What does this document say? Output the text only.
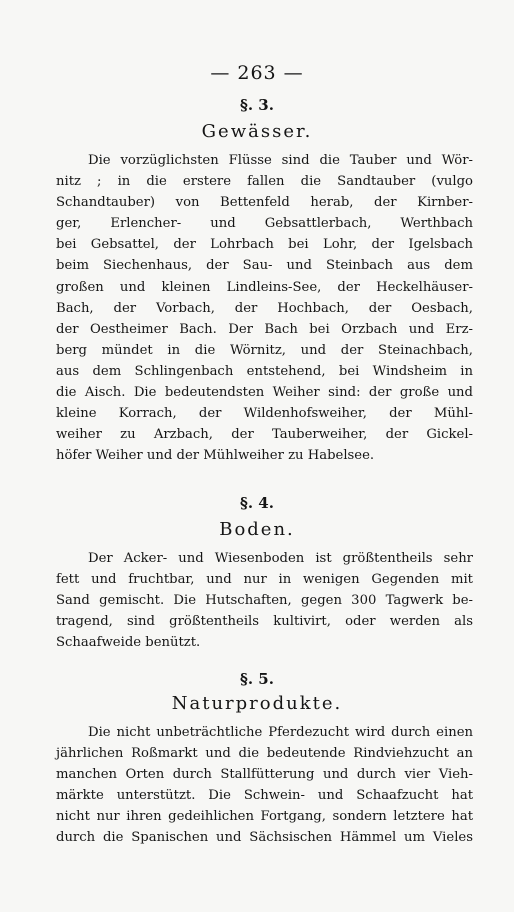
— 263 —
§. 3.
Gewässer.
Die vorzüglichsten Flüsse sind die Tauber und Wör-
nitz ; in die erstere fallen die Sandtauber (vulgo
Schandtauber) von Bettenfeld herab, der Kirnber-
ger, Erlencher- und Gebsattlerbach, Werthbach
bei Gebsattel, der Lohrbach bei Lohr, der Igelsbach
beim Siechenhaus, der Sau- und Steinbach aus dem
großen und kleinen Lindleins-See, der Heckelhäuser-
Bach, der Vorbach, der Hochbach, der Oesbach,
der Oestheimer Bach. Der Bach bei Orzbach und Erz-
berg mündet in die Wörnitz, und der Steinachbach,
aus dem Schlingenbach entstehend, bei Windsheim in
die Aisch. Die bedeutendsten Weiher sind: der große und
kleine Korrach, der Wildenhofsweiher, der Mühl-
weiher zu Arzbach, der Tauberweiher, der Gickel-
höfer Weiher und der Mühlweiher zu Habelsee.
§. 4.
Boden.
Der Acker- und Wiesenboden ist größtentheils sehr
fett und fruchtbar, und nur in wenigen Gegenden mit
Sand gemischt. Die Hutschaften, gegen 300 Tagwerk be-
tragend, sind größtentheils kultivirt, oder werden als
Schaafweide benützt.
§. 5.
Naturprodukte.
Die nicht unbeträchtliche Pferdezucht wird durch einen
jährlichen Roßmarkt und die bedeutende Rindviehzucht an
manchen Orten durch Stallfütterung und durch vier Vieh-
märkte unterstützt. Die Schwein- und Schaafzucht hat
nicht nur ihren gedeihlichen Fortgang, sondern letztere hat
durch die Spanischen und Sächsischen Hämmel um Vieles
